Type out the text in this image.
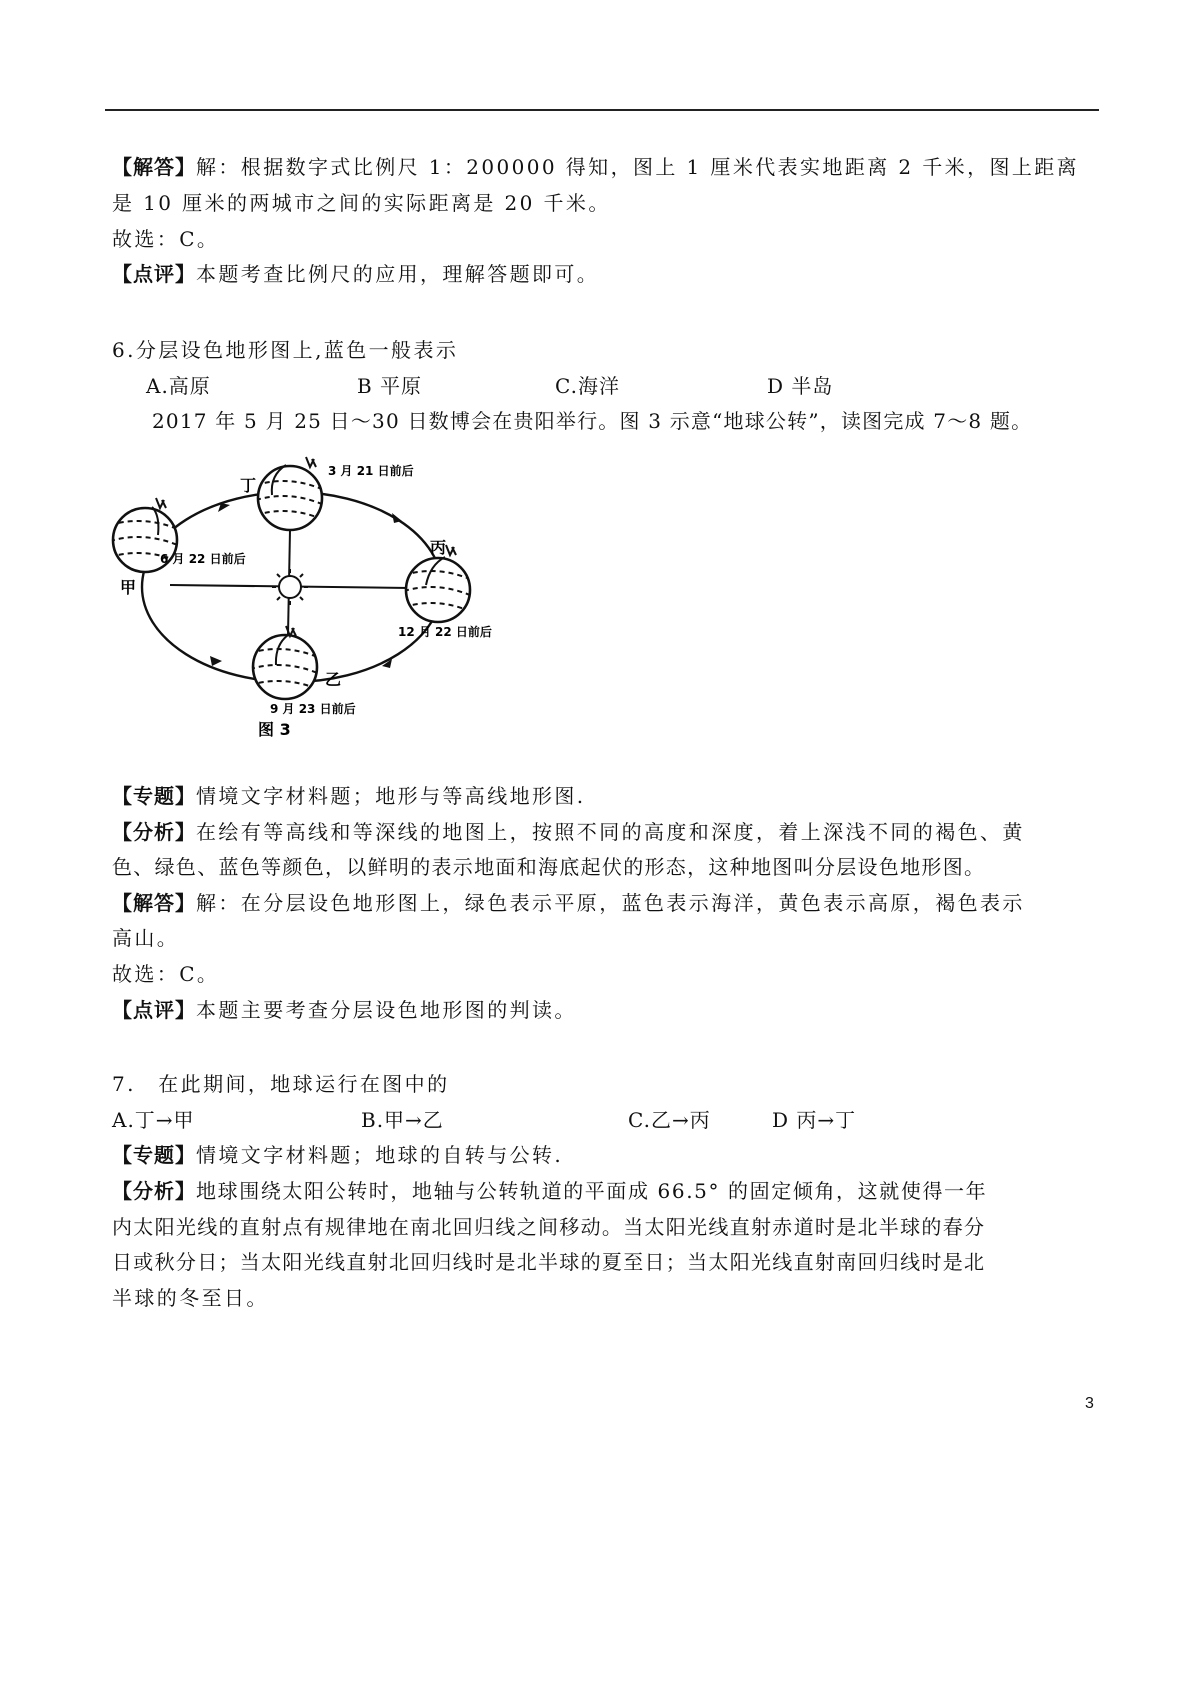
【解答】解：根据数字式比例尺 1：200000 得知，图上 1 厘米代表实地距离 2 千米，图上距离
是 10 厘米的两城市之间的实际距离是 20 千米。
故选：C。
【点评】本题考查比例尺的应用，理解答题即可。
6.分层设色地形图上,蓝色一般表示
A.高原	B 平原	C.海洋	D 半岛
2017 年 5 月 25 日～30 日数博会在贵阳举行。图 3 示意“地球公转”，读图完成 7～8 题。
丁
3 月 21 日前后
6 月 22 日前后
甲
丙
12 月 22 日前后
乙
9 月 23 日前后
图 3
【专题】情境文字材料题；地形与等高线地形图.
【分析】在绘有等高线和等深线的地图上，按照不同的高度和深度，着上深浅不同的褐色、黄
色、绿色、蓝色等颜色，以鲜明的表示地面和海底起伏的形态，这种地图叫分层设色地形图。
【解答】解：在分层设色地形图上，绿色表示平原，蓝色表示海洋，黄色表示高原，褐色表示
高山。
故选：C。
【点评】本题主要考查分层设色地形图的判读。
7.　在此期间，地球运行在图中的
A.丁→甲	B.甲→乙	C.乙→丙	D 丙→丁
【专题】情境文字材料题；地球的自转与公转.
【分析】地球围绕太阳公转时，地轴与公转轨道的平面成 66.5° 的固定倾角，这就使得一年
内太阳光线的直射点有规律地在南北回归线之间移动。当太阳光线直射赤道时是北半球的春分
日或秋分日；当太阳光线直射北回归线时是北半球的夏至日；当太阳光线直射南回归线时是北
半球的冬至日。
3
